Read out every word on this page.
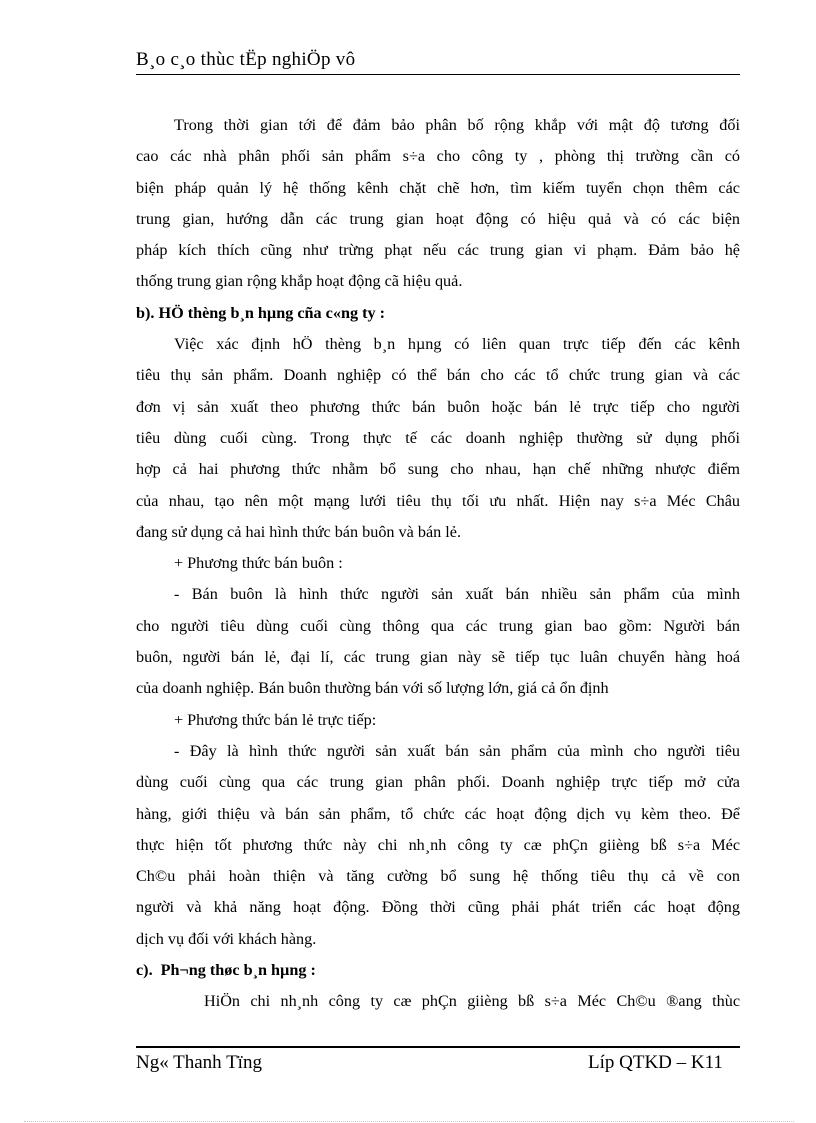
B¸o c¸o thùc tËp nghiÖp vô

Trong thời gian tới để đảm bảo phân bố rộng khắp với mật độ tương đối

cao các nhà phân phối sản phẩm s÷a cho công ty , phòng thị trường cần có

biện pháp quản lý hệ thống kênh chặt chẽ hơn, tìm kiếm tuyển chọn thêm các

trung gian, hướng dẫn các trung gian hoạt động có hiệu quả và có các biện

pháp kích thích cũng như trừng phạt nếu các trung gian vi phạm. Đảm bảo hệ

thống trung gian rộng khắp hoạt động cã hiệu quả.

b). HÖ thèng b¸n hµng cña c«ng ty :

Việc xác định hÖ thèng b¸n hµng có liên quan trực tiếp đến các kênh

tiêu thụ sản phẩm. Doanh nghiệp có thể bán cho các tổ chức trung gian và các

đơn vị sản xuất theo phương thức bán buôn hoặc bán lẻ trực tiếp cho người

tiêu dùng cuối cùng. Trong thực tế các doanh nghiệp thường sử dụng phối

hợp cả hai phương thức nhằm bổ sung cho nhau, hạn chế những nhược điểm

của nhau, tạo nên một mạng lưới tiêu thụ tối ưu nhất. Hiện nay s÷a Méc Châu

đang sử dụng cả hai hình thức bán buôn và bán lẻ.

+ Phương thức bán buôn :

- Bán buôn là hình thức người sản xuất bán nhiều sản phẩm của mình

cho người tiêu dùng cuối cùng thông qua các trung gian bao gồm: Người bán

buôn, người bán lẻ, đại lí, các trung gian này sẽ tiếp tục luân chuyển hàng hoá

của doanh nghiệp. Bán buôn thường bán với số lượng lớn, giá cả ổn định

+ Phương thức bán lẻ trực tiếp:

- Đây là hình thức người sản xuất bán sản phẩm của mình cho người tiêu

dùng cuối cùng qua các trung gian phân phối. Doanh nghiệp trực tiếp mở cửa

hàng, giới thiệu và bán sản phẩm, tổ chức các hoạt động dịch vụ kèm theo. Để

thực hiện tốt phương thức này chi nh¸nh công ty cæ phÇn giièng bß s÷a Méc

Ch©u phải hoàn thiện và tăng cường bổ sung hệ thống tiêu thụ cả về con

người và khả năng hoạt động. Đồng thời cũng phải phát triển các hoạt động

dịch vụ đối với khách hàng.

c). Ph¬ng thøc b¸n hµng :

HiÖn chi nh¸nh công ty cæ phÇn giièng bß s÷a Méc Ch©u ®ang thùc

Ng« Thanh Tïng	Líp QTKD – K11
